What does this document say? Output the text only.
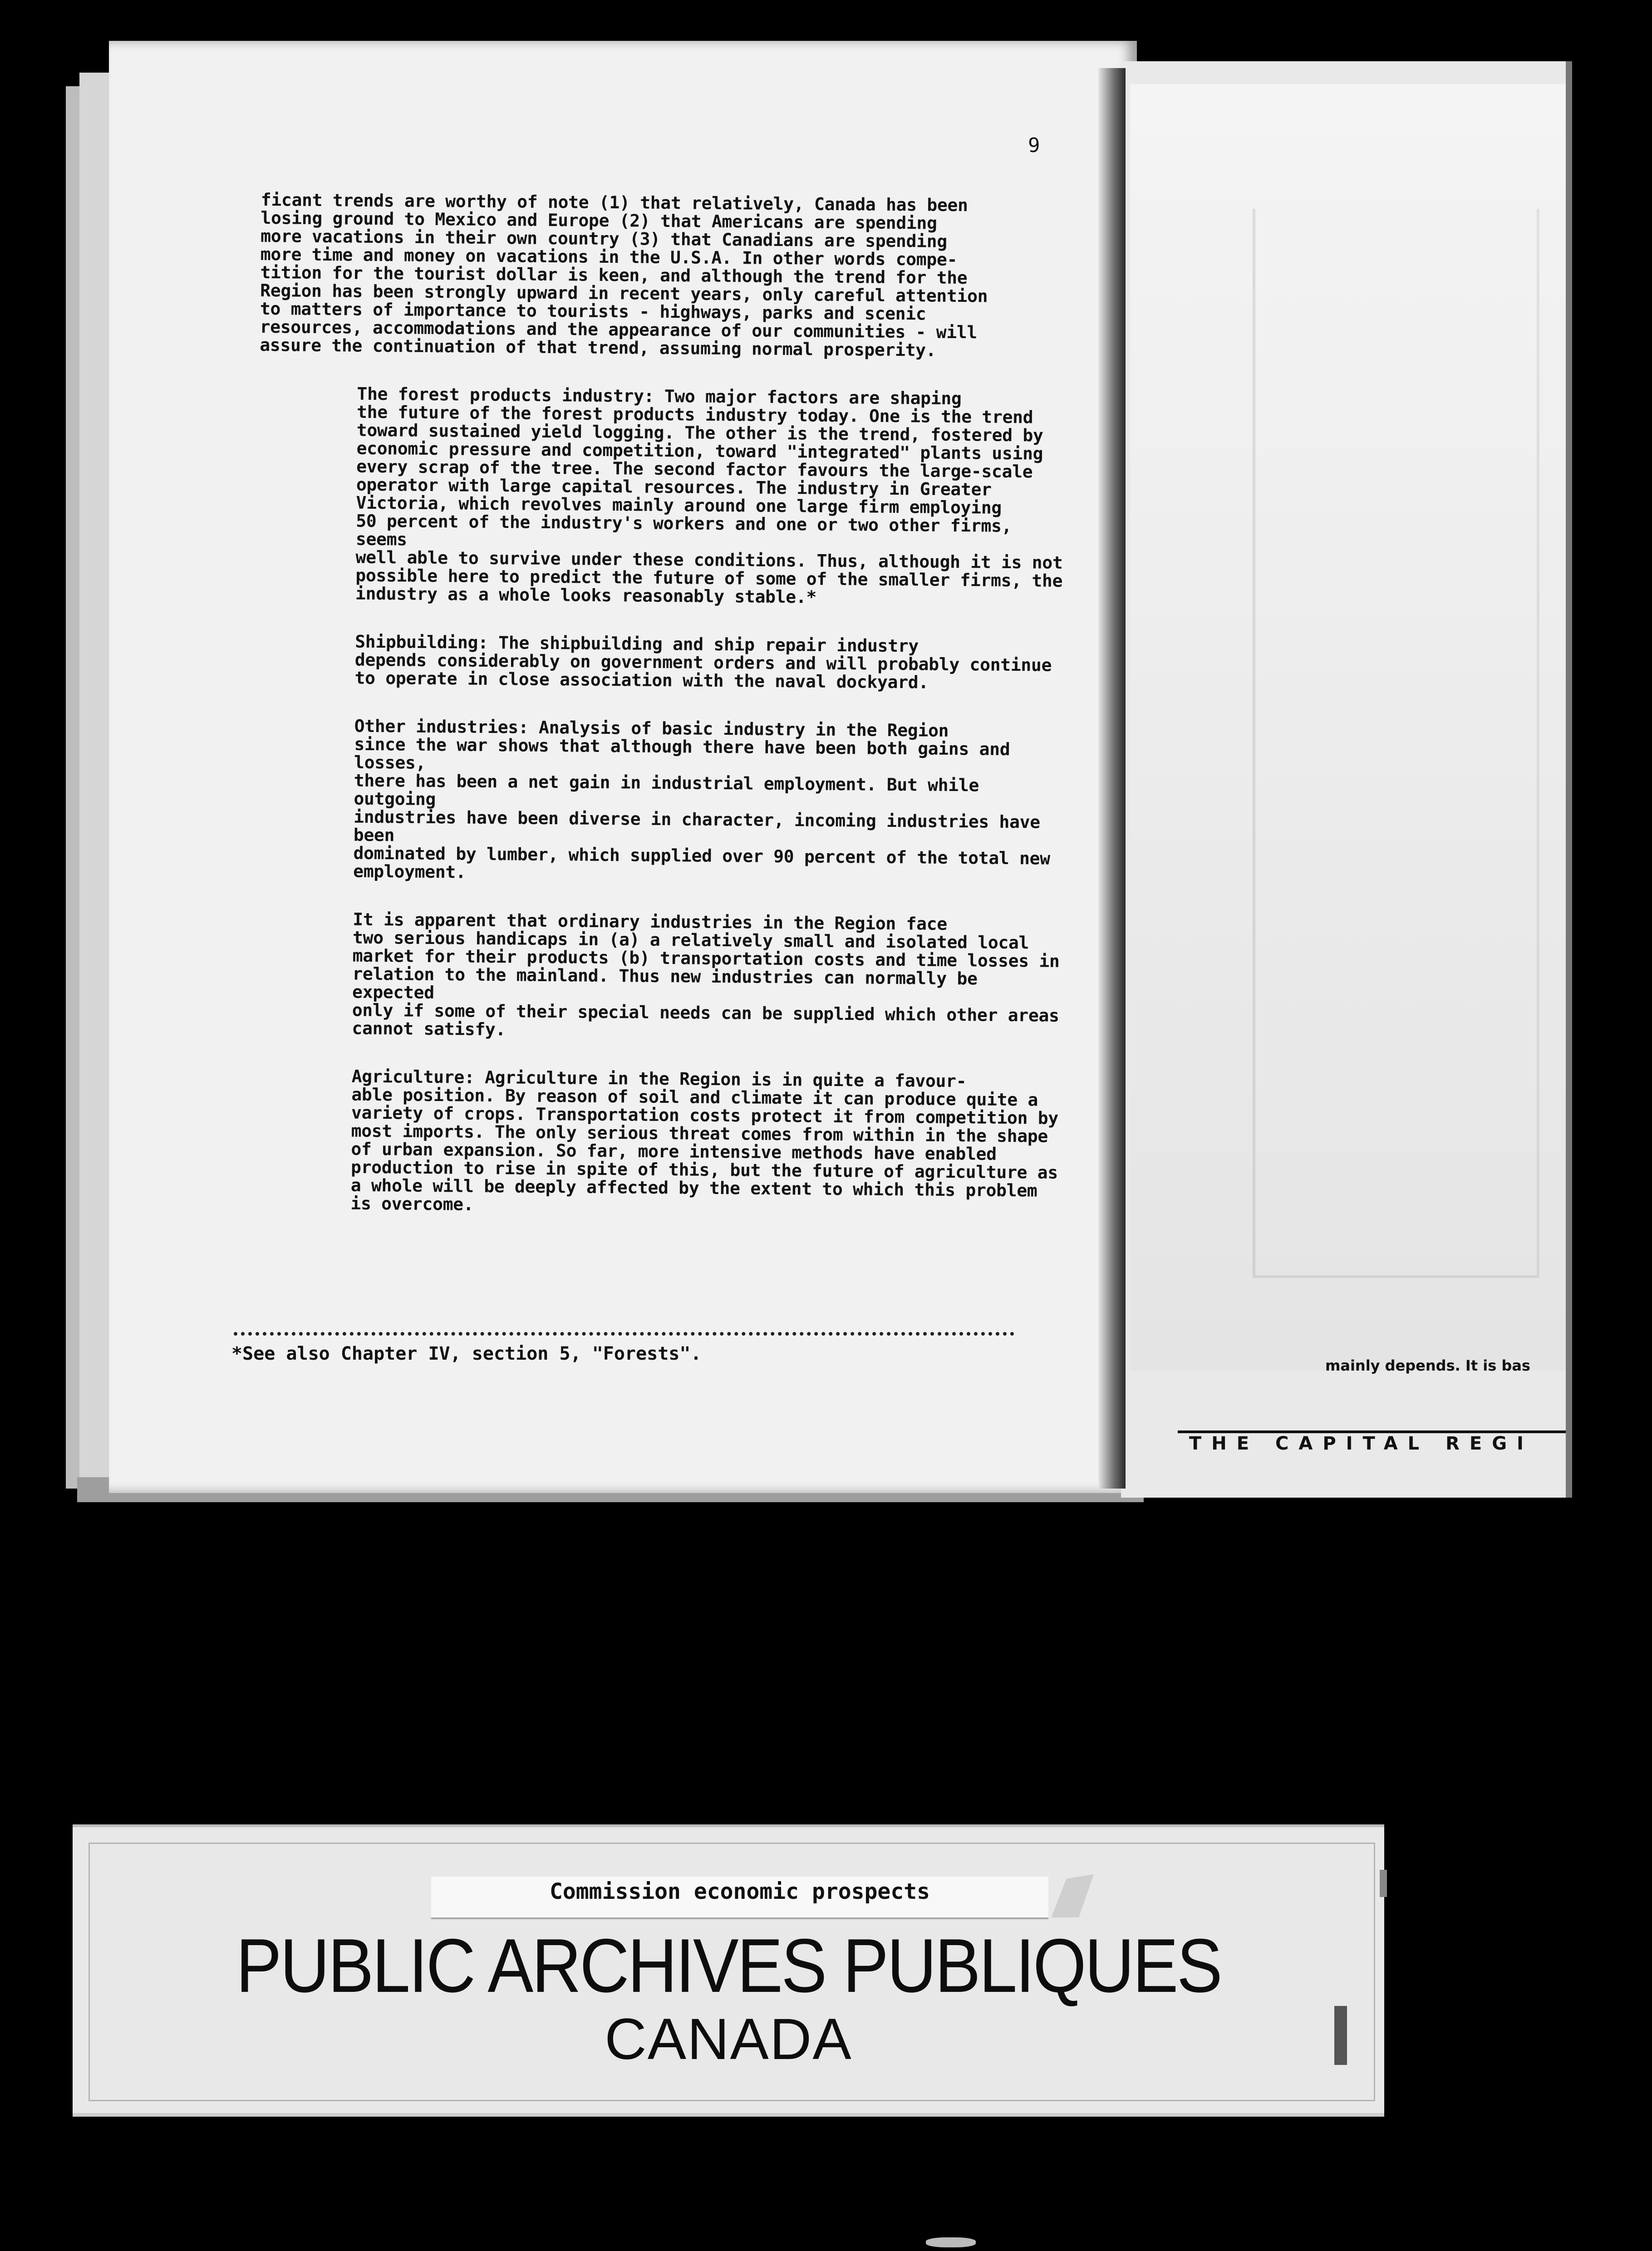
9

ficant trends are worthy of note (1) that relatively, Canada has been
losing ground to Mexico and Europe (2) that Americans are spending
more vacations in their own country (3) that Canadians are spending
more time and money on vacations in the U.S.A. In other words compe-
tition for the tourist dollar is keen, and although the trend for the
Region has been strongly upward in recent years, only careful attention
to matters of importance to tourists - highways, parks and scenic
resources, accommodations and the appearance of our communities - will
assure the continuation of that trend, assuming normal prosperity.

The forest products industry: Two major factors are shaping
the future of the forest products industry today. One is the trend
toward sustained yield logging. The other is the trend, fostered by
economic pressure and competition, toward "integrated" plants using
every scrap of the tree. The second factor favours the large-scale
operator with large capital resources. The industry in Greater
Victoria, which revolves mainly around one large firm employing
50 percent of the industry's workers and one or two other firms, seems
well able to survive under these conditions. Thus, although it is not
possible here to predict the future of some of the smaller firms, the
industry as a whole looks reasonably stable.*

Shipbuilding: The shipbuilding and ship repair industry
depends considerably on government orders and will probably continue
to operate in close association with the naval dockyard.

Other industries: Analysis of basic industry in the Region
since the war shows that although there have been both gains and losses,
there has been a net gain in industrial employment. But while outgoing
industries have been diverse in character, incoming industries have been
dominated by lumber, which supplied over 90 percent of the total new
employment.

It is apparent that ordinary industries in the Region face
two serious handicaps in (a) a relatively small and isolated local
market for their products (b) transportation costs and time losses in
relation to the mainland. Thus new industries can normally be expected
only if some of their special needs can be supplied which other areas
cannot satisfy.

Agriculture: Agriculture in the Region is in quite a favour-
able position. By reason of soil and climate it can produce quite a
variety of crops. Transportation costs protect it from competition by
most imports. The only serious threat comes from within in the shape
of urban expansion. So far, more intensive methods have enabled
production to rise in spite of this, but the future of agriculture as
a whole will be deeply affected by the extent to which this problem
is overcome.

*See also Chapter IV, section 5, "Forests".
mainly depends. It is bas
THE CAPITAL REGI
Commission economic prospects
PUBLIC ARCHIVES PUBLIQUES
CANADA
